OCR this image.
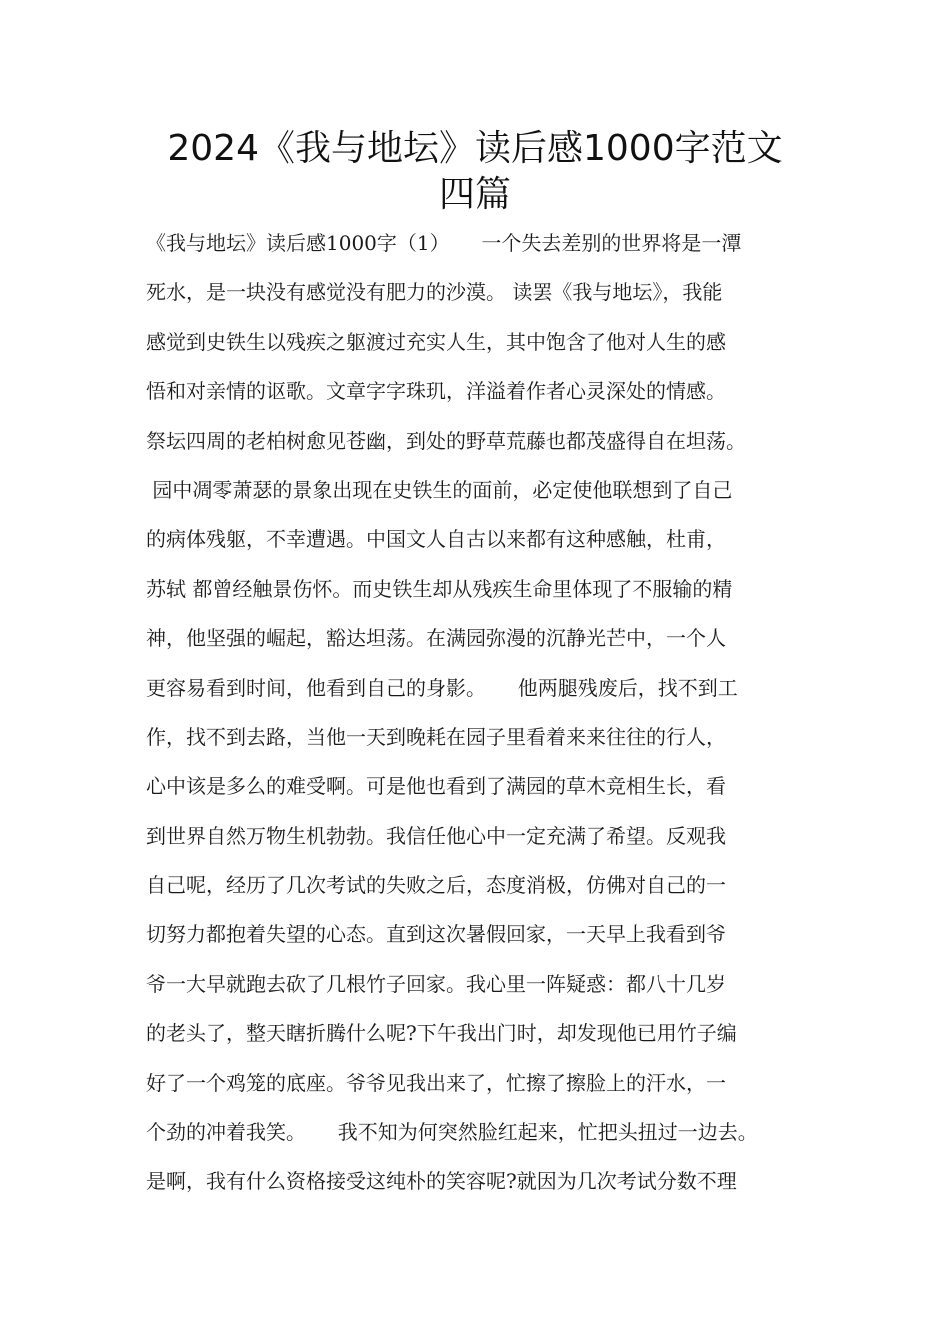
2024《我与地坛》读后感1000字范文
四篇
《我与地坛》读后感1000字（1）     一个失去差别的世界将是一潭
死水，是一块没有感觉没有肥力的沙漠。 读罢《我与地坛》，我能
感觉到史铁生以残疾之躯渡过充实人生，其中饱含了他对人生的感
悟和对亲情的讴歌。文章字字珠玑，洋溢着作者心灵深处的情感。
祭坛四周的老柏树愈见苍幽，到处的野草荒藤也都茂盛得自在坦荡。
园中凋零萧瑟的景象出现在史铁生的面前，必定使他联想到了自己
的病体残躯，不幸遭遇。中国文人自古以来都有这种感触，杜甫，
苏轼 都曾经触景伤怀。而史铁生却从残疾生命里体现了不服输的精
神，他坚强的崛起，豁达坦荡。在满园弥漫的沉静光芒中，一个人
更容易看到时间，他看到自己的身影。     他两腿残废后，找不到工
作，找不到去路，当他一天到晚耗在园子里看着来来往往的行人，
心中该是多么的难受啊。可是他也看到了满园的草木竞相生长，看
到世界自然万物生机勃勃。我信任他心中一定充满了希望。反观我
自己呢，经历了几次考试的失败之后，态度消极，仿佛对自己的一
切努力都抱着失望的心态。直到这次暑假回家，一天早上我看到爷
爷一大早就跑去砍了几根竹子回家。我心里一阵疑惑：都八十几岁
的老头了，整天瞎折腾什么呢?下午我出门时，却发现他已用竹子编
好了一个鸡笼的底座。爷爷见我出来了，忙擦了擦脸上的汗水，一
个劲的冲着我笑。     我不知为何突然脸红起来，忙把头扭过一边去。
是啊，我有什么资格接受这纯朴的笑容呢?就因为几次考试分数不理
